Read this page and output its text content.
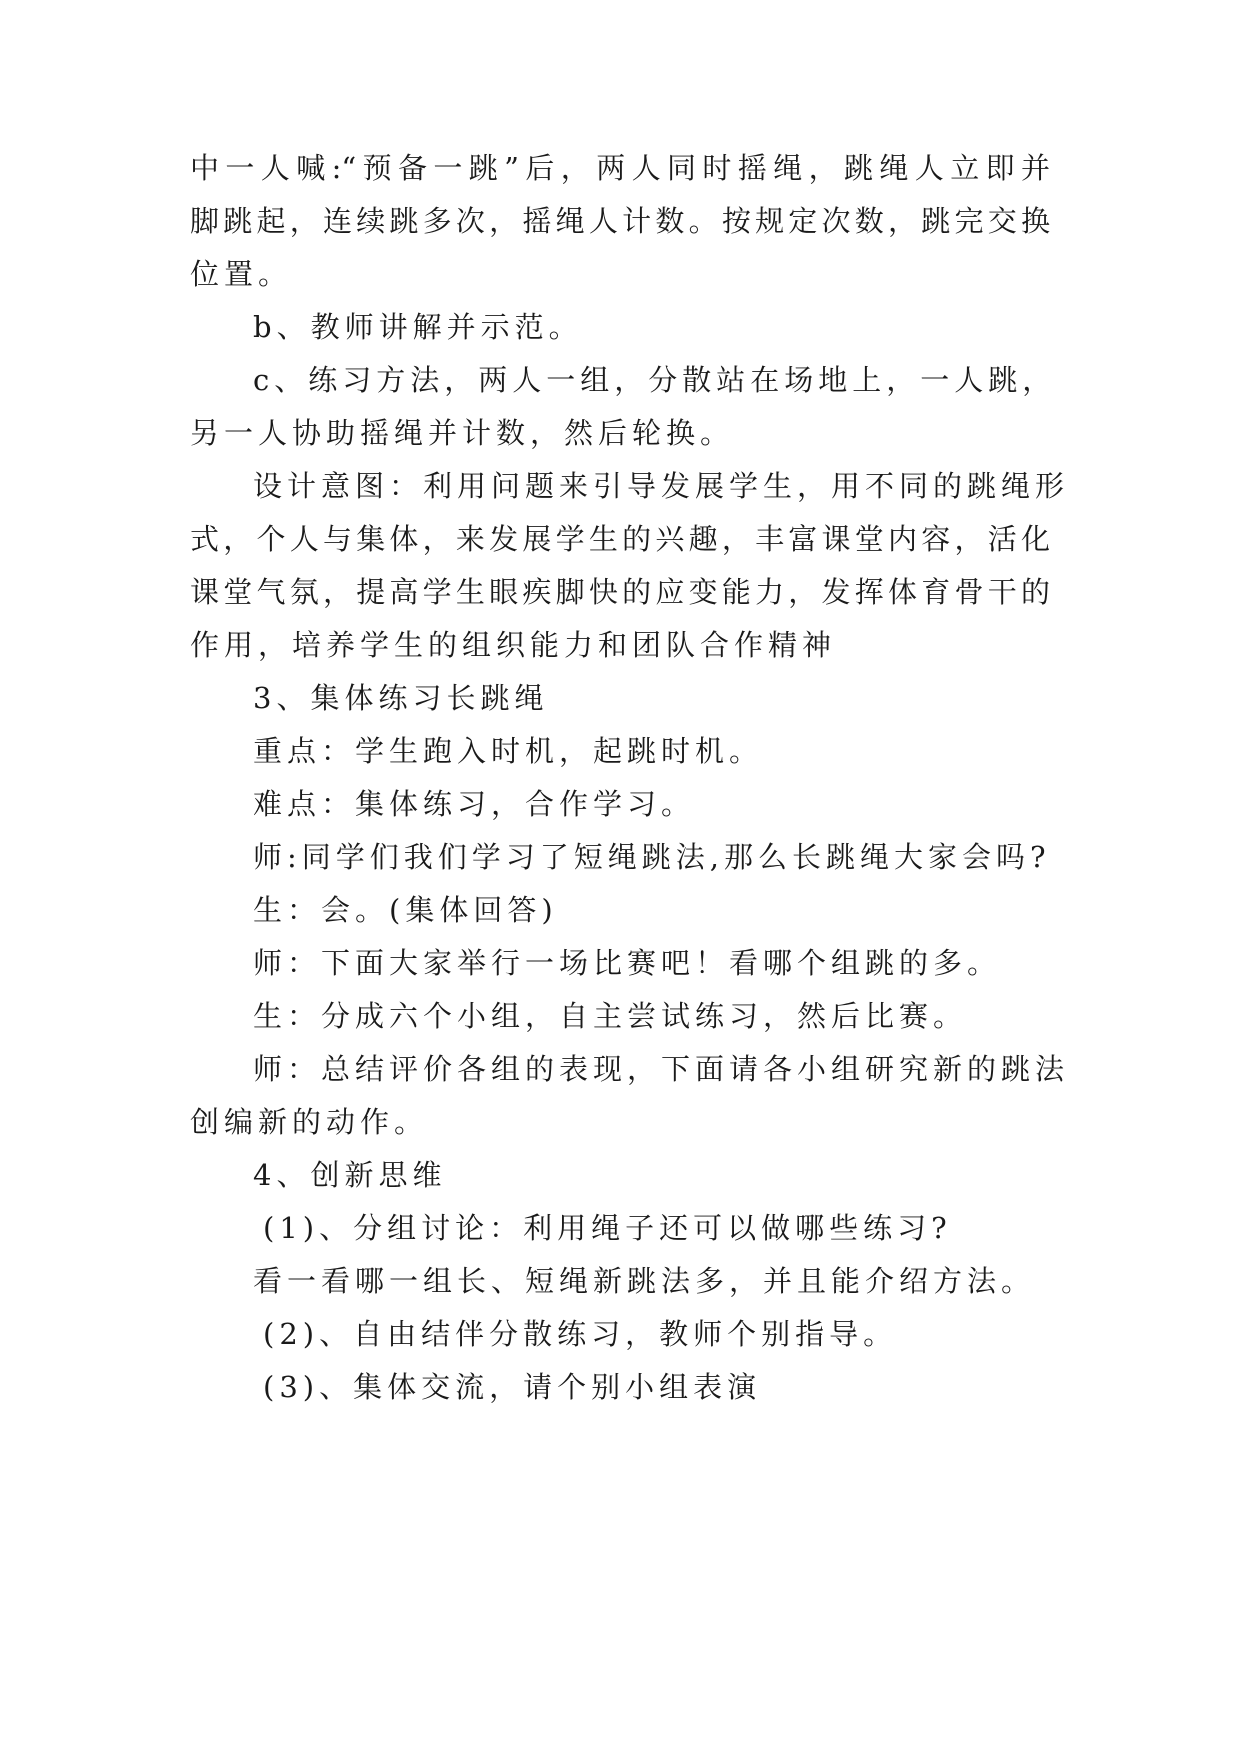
中一人喊:“预备一跳”后，两人同时摇绳，跳绳人立即并
脚跳起，连续跳多次，摇绳人计数。按规定次数，跳完交换
位置。
b、教师讲解并示范。
c、练习方法，两人一组，分散站在场地上，一人跳，
另一人协助摇绳并计数，然后轮换。
设计意图：利用问题来引导发展学生，用不同的跳绳形
式，个人与集体，来发展学生的兴趣，丰富课堂内容，活化
课堂气氛，提高学生眼疾脚快的应变能力，发挥体育骨干的
作用，培养学生的组织能力和团队合作精神
3、集体练习长跳绳
重点：学生跑入时机，起跳时机。
难点：集体练习，合作学习。
师:同学们我们学习了短绳跳法,那么长跳绳大家会吗?
生：会。(集体回答)
师：下面大家举行一场比赛吧！看哪个组跳的多。
生：分成六个小组，自主尝试练习，然后比赛。
师：总结评价各组的表现，下面请各小组研究新的跳法
创编新的动作。
4、创新思维
(1)、分组讨论：利用绳子还可以做哪些练习?
看一看哪一组长、短绳新跳法多，并且能介绍方法。
(2)、自由结伴分散练习，教师个别指导。
(3)、集体交流，请个别小组表演
